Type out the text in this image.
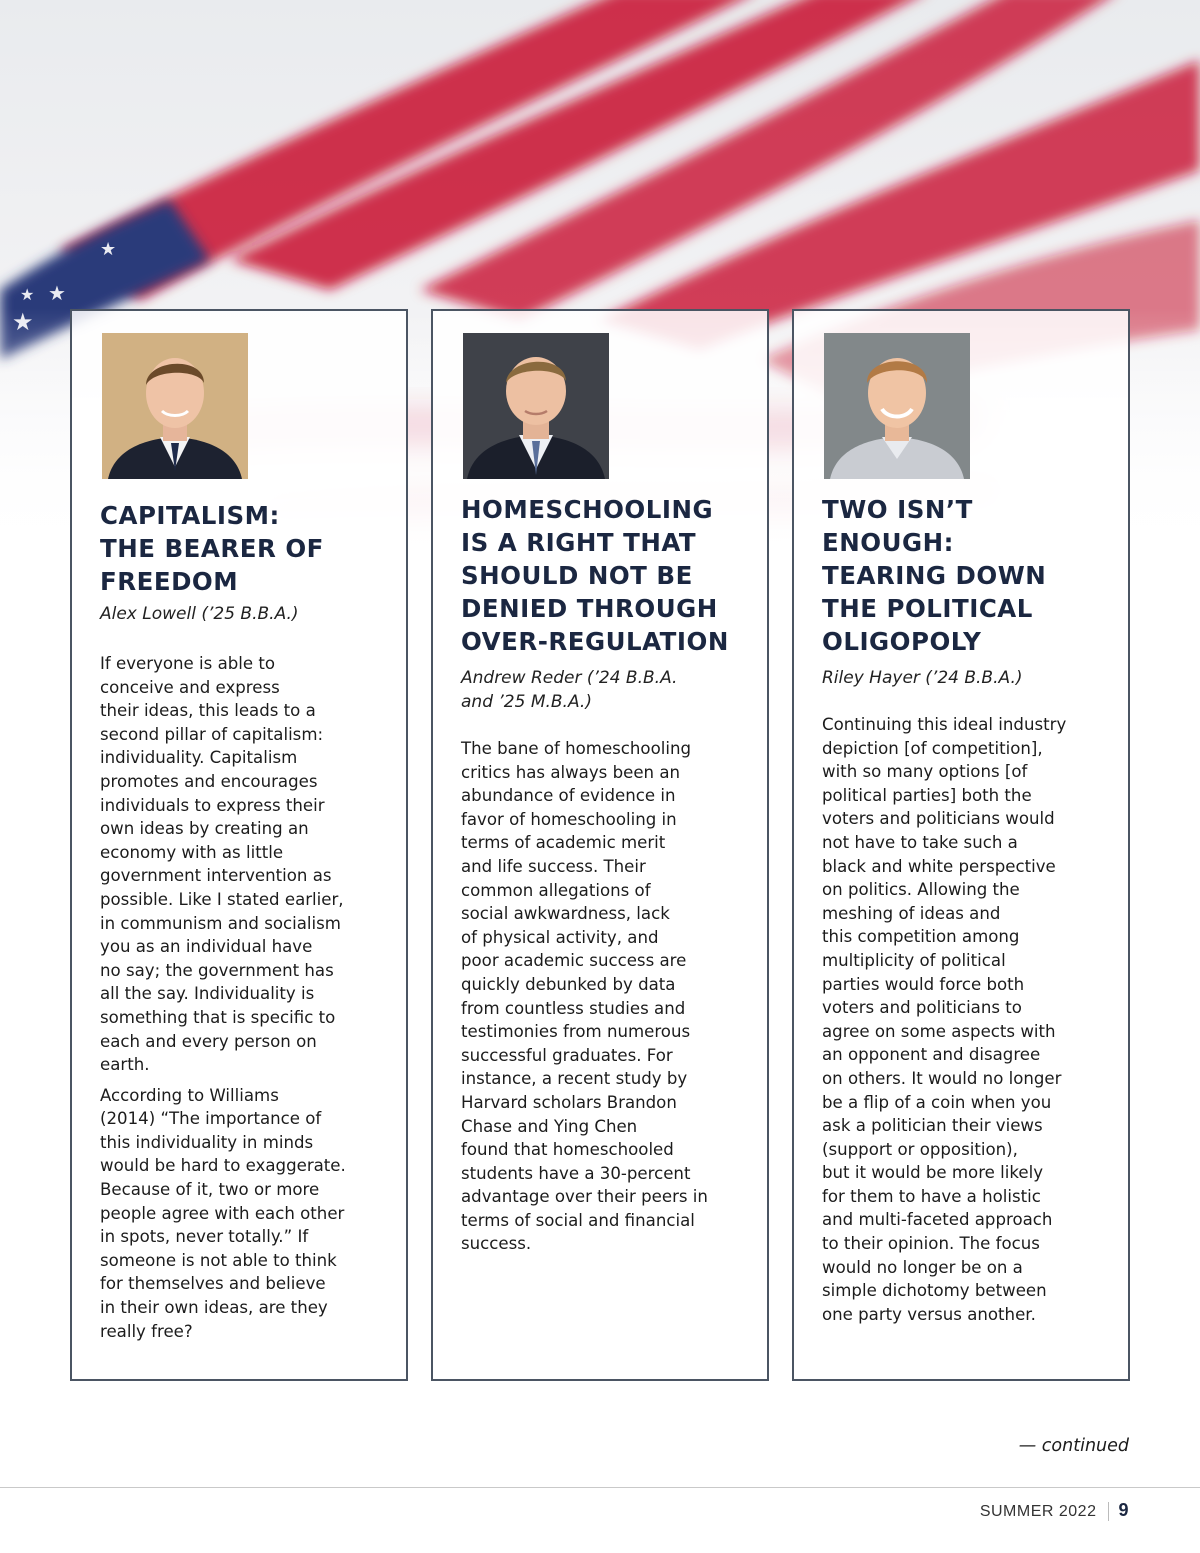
CAPITALISM:
THE BEARER OF
FREEDOM
Alex Lowell (’25 B.B.A.)

If everyone is able to
conceive and express
their ideas, this leads to a
second pillar of capitalism:
individuality. Capitalism
promotes and encourages
individuals to express their
own ideas by creating an
economy with as little
government intervention as
possible. Like I stated earlier,
in communism and socialism
you as an individual have
no say; the government has
all the say. Individuality is
something that is specific to
each and every person on
earth.

According to Williams
(2014) “The importance of
this individuality in minds
would be hard to exaggerate.
Because of it, two or more
people agree with each other
in spots, never totally.” If
someone is not able to think
for themselves and believe
in their own ideas, are they
really free?

HOMESCHOOLING
IS A RIGHT THAT
SHOULD NOT BE
DENIED THROUGH
OVER-REGULATION
Andrew Reder (’24 B.B.A.
and ’25 M.B.A.)

The bane of homeschooling
critics has always been an
abundance of evidence in
favor of homeschooling in
terms of academic merit
and life success. Their
common allegations of
social awkwardness, lack
of physical activity, and
poor academic success are
quickly debunked by data
from countless studies and
testimonies from numerous
successful graduates. For
instance, a recent study by
Harvard scholars Brandon
Chase and Ying Chen
found that homeschooled
students have a 30-percent
advantage over their peers in
terms of social and financial
success.

TWO ISN’T
ENOUGH:
TEARING DOWN
THE POLITICAL
OLIGOPOLY
Riley Hayer (’24 B.B.A.)

Continuing this ideal industry
depiction [of competition],
with so many options [of
political parties] both the
voters and politicians would
not have to take such a
black and white perspective
on politics. Allowing the
meshing of ideas and
this competition among
multiplicity of political
parties would force both
voters and politicians to
agree on some aspects with
an opponent and disagree
on others. It would no longer
be a flip of a coin when you
ask a politician their views
(support or opposition),
but it would be more likely
for them to have a holistic
and multi-faceted approach
to their opinion. The focus
would no longer be on a
simple dichotomy between
one party versus another.

— continued
SUMMER 2022 9
